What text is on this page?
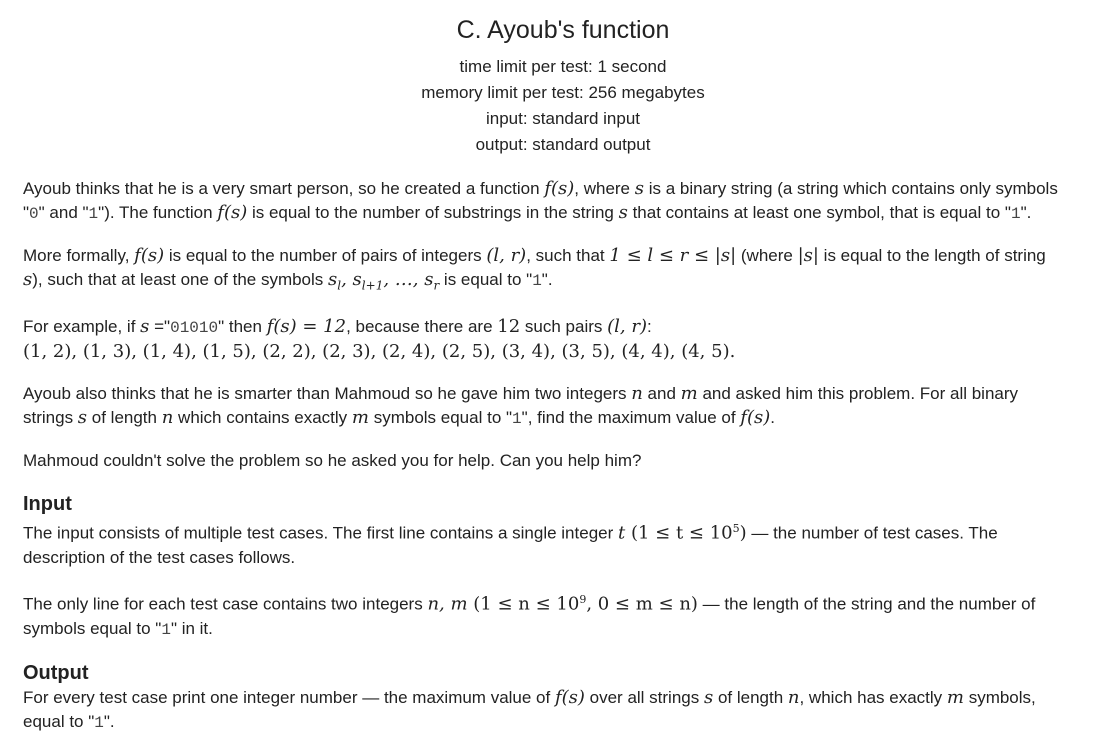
C. Ayoub's function
time limit per test: 1 second
memory limit per test: 256 megabytes
input: standard input
output: standard output
Ayoub thinks that he is a very smart person, so he created a function f(s), where s is a binary string (a string which contains only symbols
"0" and "1"). The function f(s) is equal to the number of substrings in the string s that contains at least one symbol, that is equal to "1".
More formally, f(s) is equal to the number of pairs of integers (l, r), such that 1 ≤ l ≤ r ≤ |s| (where |s| is equal to the length of string
s), such that at least one of the symbols $s_l$, $s_{l+1}$, …, $s_r$ is equal to "1".
For example, if s ="01010" then f(s) = 12, because there are 12 such pairs (l, r):
(1, 2), (1, 3), (1, 4), (1, 5), (2, 2), (2, 3), (2, 4), (2, 5), (3, 4), (3, 5), (4, 4), (4, 5).
Ayoub also thinks that he is smarter than Mahmoud so he gave him two integers n and m and asked him this problem. For all binary
strings s of length n which contains exactly m symbols equal to "1", find the maximum value of f(s).
Mahmoud couldn't solve the problem so he asked you for help. Can you help him?
Input
The input consists of multiple test cases. The first line contains a single integer t $(1 \le t \le 10^5)$ — the number of test cases. The
description of the test cases follows.
The only line for each test case contains two integers n, m ($1 \le n \le 10^9$, 0 ≤ m ≤ n) — the length of the string and the number of
symbols equal to "1" in it.
Output
For every test case print one integer number — the maximum value of f(s) over all strings s of length n, which has exactly m symbols,
equal to "1".
